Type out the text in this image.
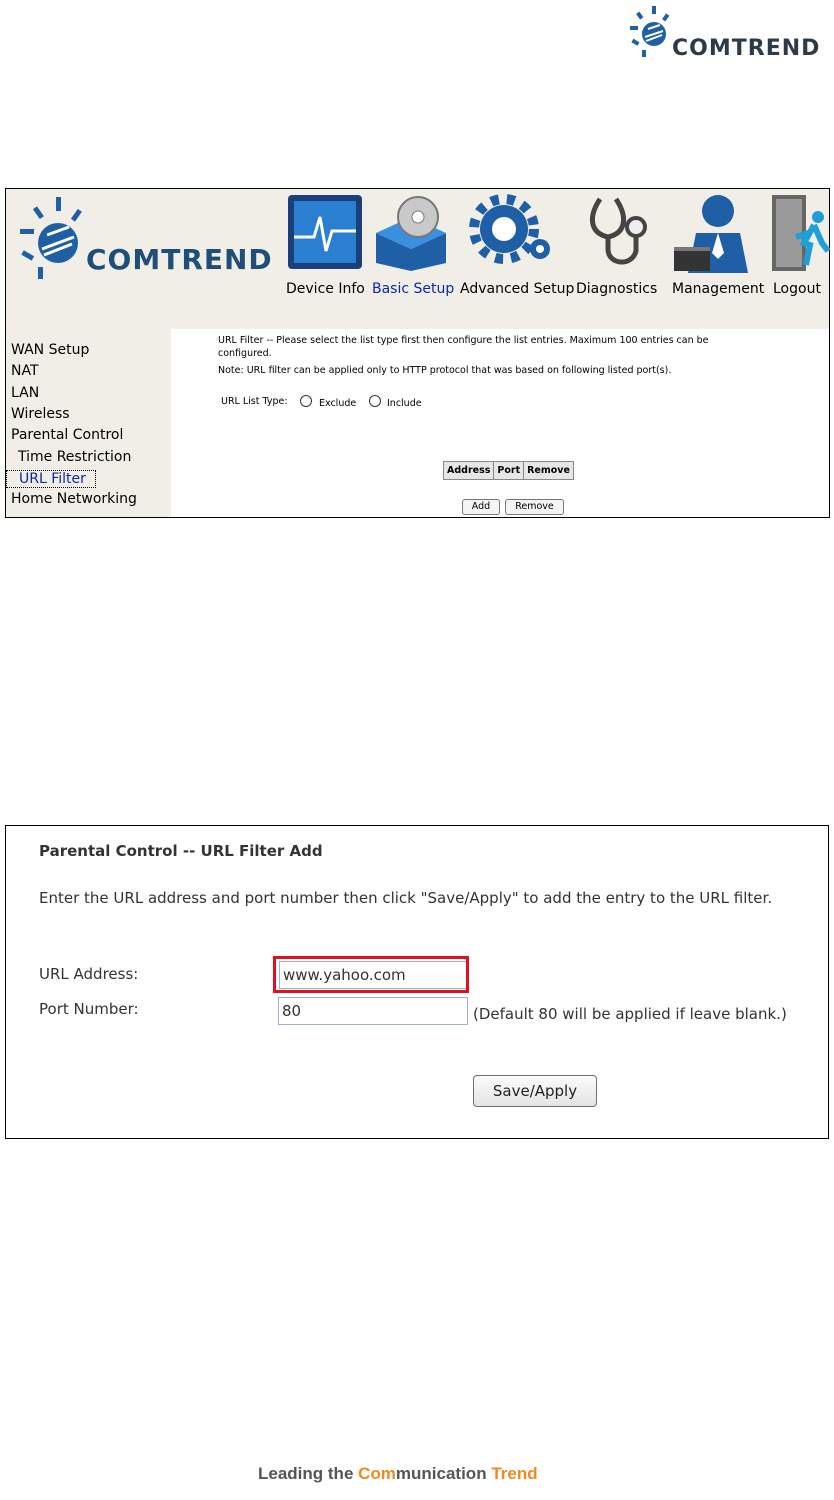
COMTREND
COMTREND
Device Info Basic Setup Advanced Setup Diagnostics Management Logout
WAN Setup
NAT
LAN
Wireless
Parental Control
Time Restriction
URL Filter
Home Networking
URL Filter -- Please select the list type first then configure the list entries. Maximum 100 entries can be
configured.
Note: URL filter can be applied only to HTTP protocol that was based on following listed port(s).
URL List Type:	Exclude	Include
Address	Port	Remove
Add	Remove
Parental Control -- URL Filter Add
Enter the URL address and port number then click "Save/Apply" to add the entry to the URL filter.
URL Address:	www.yahoo.com
Port Number:	80	(Default 80 will be applied if leave blank.)
Save/Apply
Leading the Communication Trend
